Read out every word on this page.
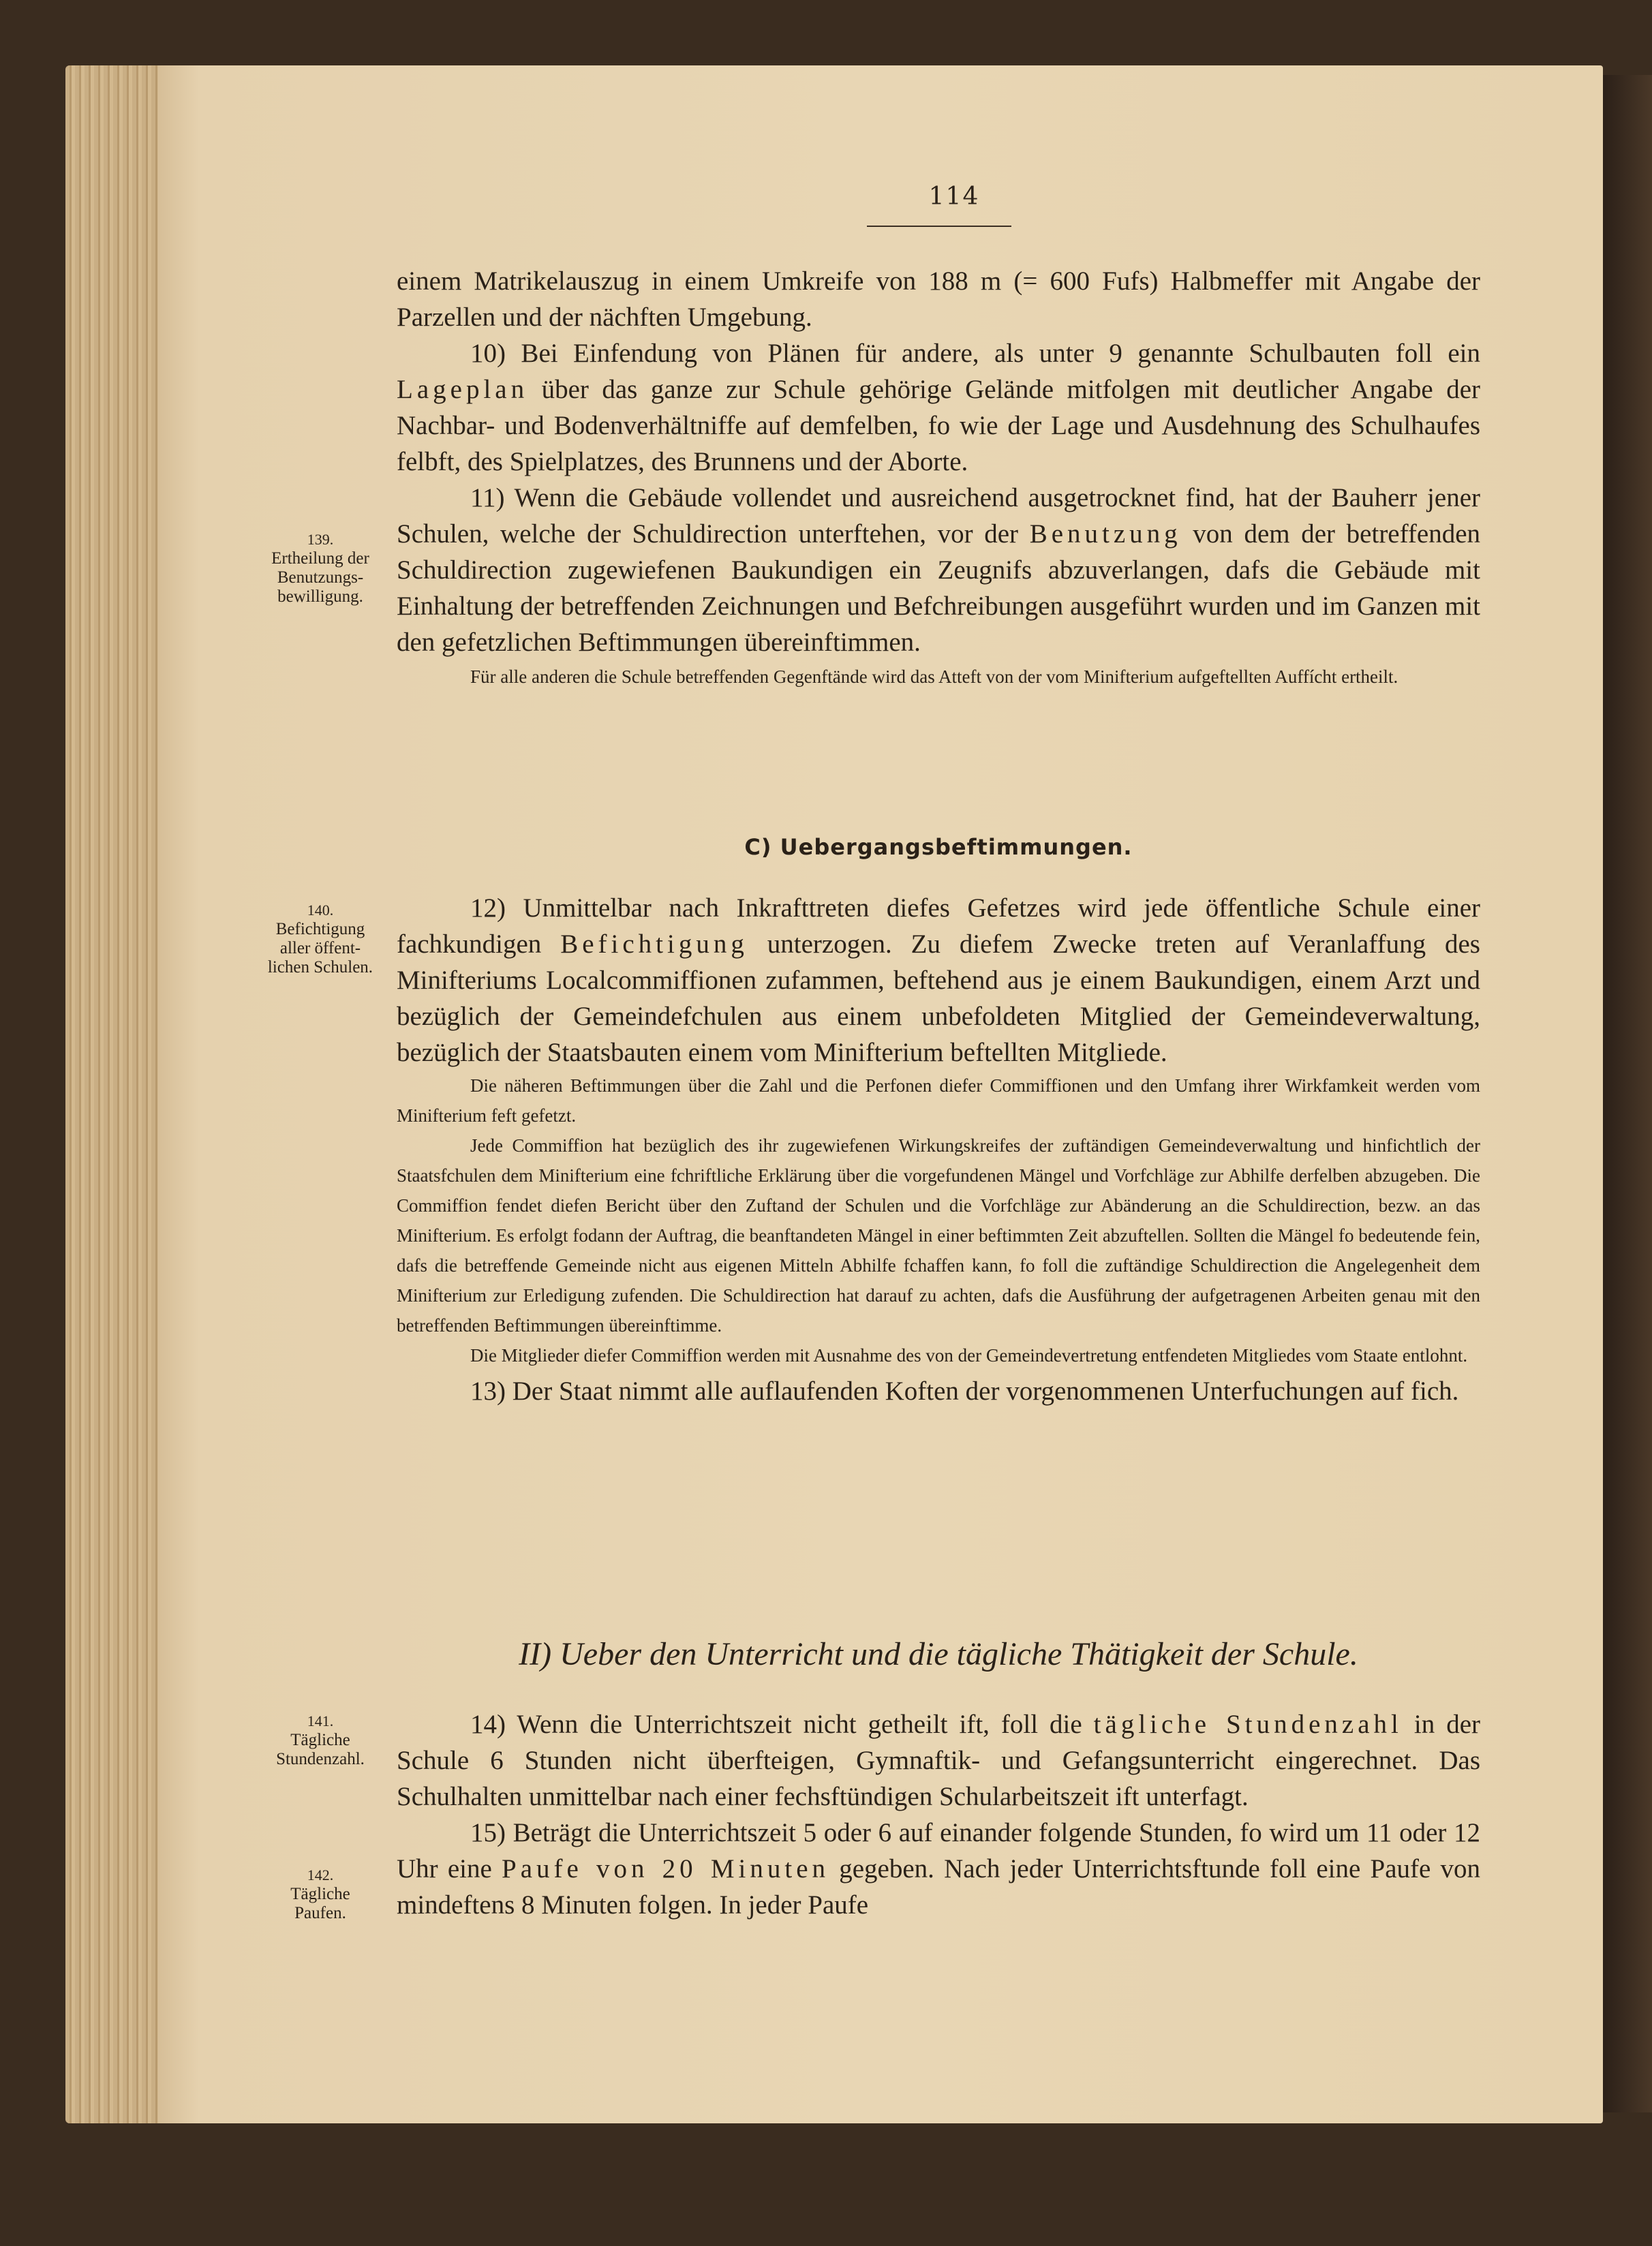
114
139.
Ertheilung der
Benutzungs-
bewilligung.
140.
Befichtigung
aller öffent-
lichen Schulen.
141.
Tägliche
Stundenzahl.
142.
Tägliche
Paufen.

einem Matrikelauszug in einem Umkreife von 188 m (= 600 Fufs) Halbmeffer mit Angabe der Parzellen und der nächften Umgebung.

10) Bei Einfendung von Plänen für andere, als unter 9 genannte Schulbauten foll ein Lageplan über das ganze zur Schule gehörige Gelände mitfolgen mit deutlicher Angabe der Nachbar- und Bodenverhältniffe auf demfelben, fo wie der Lage und Ausdehnung des Schulhaufes felbft, des Spielplatzes, des Brunnens und der Aborte.

11) Wenn die Gebäude vollendet und ausreichend ausgetrocknet find, hat der Bauherr jener Schulen, welche der Schuldirection unterftehen, vor der Benutzung von dem der betreffenden Schuldirection zugewiefenen Baukundigen ein Zeugnifs abzuverlangen, dafs die Gebäude mit Einhaltung der betreffenden Zeichnungen und Befchreibungen ausgeführt wurden und im Ganzen mit den gefetzlichen Beftimmungen übereinftimmen.

Für alle anderen die Schule betreffenden Gegenftände wird das Atteft von der vom Minifterium aufgeftellten Auffícht ertheilt.

C) Uebergangsbeftimmungen.

12) Unmittelbar nach Inkrafttreten diefes Gefetzes wird jede öffentliche Schule einer fachkundigen Befichtigung unterzogen. Zu diefem Zwecke treten auf Veranlaffung des Minifteriums Localcommiffionen zufammen, beftehend aus je einem Baukundigen, einem Arzt und bezüglich der Gemeindefchulen aus einem unbefoldeten Mitglied der Gemeindeverwaltung, bezüglich der Staatsbauten einem vom Minifterium beftellten Mitgliede.

Die näheren Beftimmungen über die Zahl und die Perfonen diefer Commiffionen und den Umfang ihrer Wirkfamkeit werden vom Minifterium feft gefetzt.

Jede Commiffion hat bezüglich des ihr zugewiefenen Wirkungskreifes der zuftändigen Gemeindeverwaltung und hinfichtlich der Staatsfchulen dem Minifterium eine fchriftliche Erklärung über die vorgefundenen Mängel und Vorfchläge zur Abhilfe derfelben abzugeben. Die Commiffion fendet diefen Bericht über den Zuftand der Schulen und die Vorfchläge zur Abänderung an die Schuldirection, bezw. an das Minifterium. Es erfolgt fodann der Auftrag, die beanftandeten Mängel in einer beftimmten Zeit abzuftellen. Sollten die Mängel fo bedeutende fein, dafs die betreffende Gemeinde nicht aus eigenen Mitteln Abhilfe fchaffen kann, fo foll die zuftändige Schuldirection die Angelegenheit dem Minifterium zur Erledigung zufenden. Die Schuldirection hat darauf zu achten, dafs die Ausführung der aufgetragenen Arbeiten genau mit den betreffenden Beftimmungen übereinftimme.

Die Mitglieder diefer Commiffion werden mit Ausnahme des von der Gemeindevertretung entfendeten Mitgliedes vom Staate entlohnt.

13) Der Staat nimmt alle auflaufenden Koften der vorgenommenen Unterfuchungen auf fich.

II) Ueber den Unterricht und die tägliche Thätigkeit der Schule.

14) Wenn die Unterrichtszeit nicht getheilt ift, foll die tägliche Stundenzahl in der Schule 6 Stunden nicht überfteigen, Gymnaftik- und Gefangsunterricht eingerechnet. Das Schulhalten unmittelbar nach einer fechsftündigen Schularbeitszeit ift unterfagt.

15) Beträgt die Unterrichtszeit 5 oder 6 auf einander folgende Stunden, fo wird um 11 oder 12 Uhr eine Paufe von 20 Minuten gegeben. Nach jeder Unterrichtsftunde foll eine Paufe von mindeftens 8 Minuten folgen. In jeder Paufe
